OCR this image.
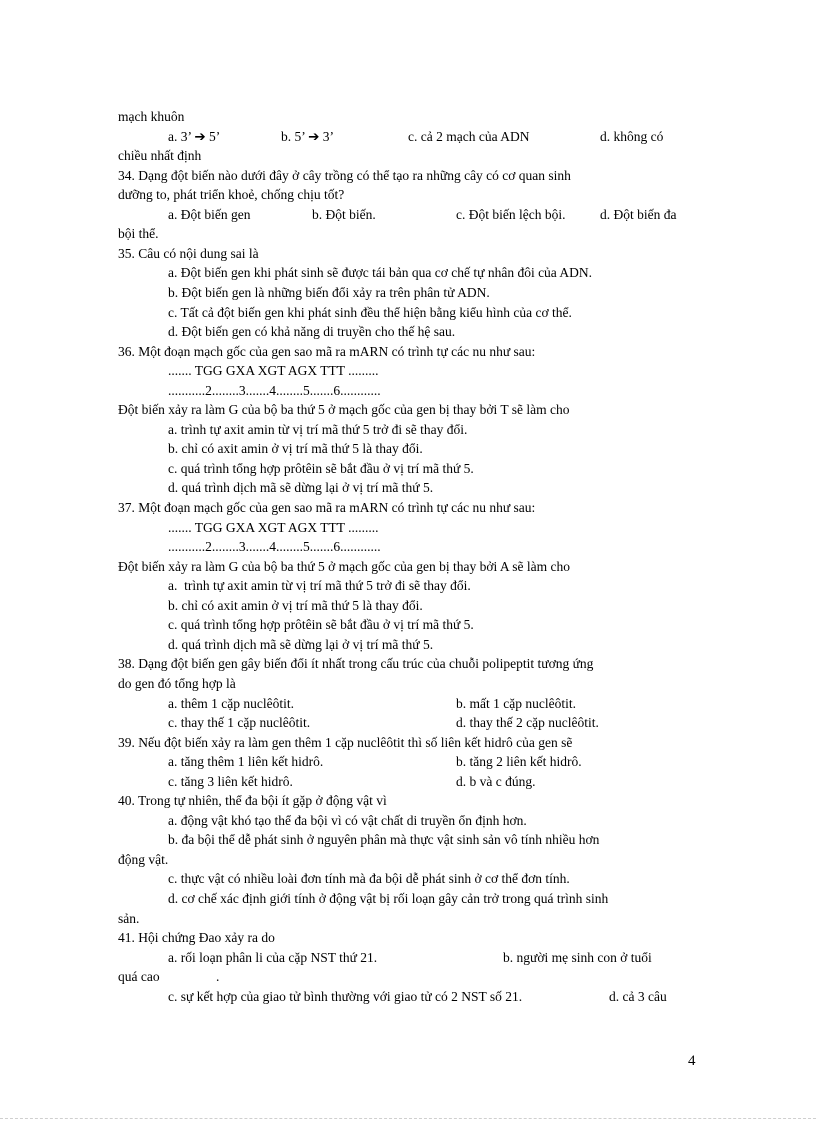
mạch khuôn
a. 3’ ➔ 5’	b. 5’ ➔ 3’	c. cả 2 mạch của ADN	d. không có
chiều nhất định
34. Dạng đột biến nào dưới đây ở cây trồng có thể tạo ra những cây có cơ quan sinh
dưỡng to, phát triển khoẻ, chống chịu tốt?
a. Đột biến gen	b. Đột biến.	c. Đột biến lệch bội.	d. Đột biến đa
bội thể.
35. Câu có nội dung sai là
a. Đột biến gen khi phát sinh sẽ được tái bản qua cơ chế tự nhân đôi của ADN.
b. Đột biến gen là những biến đổi xảy ra trên phân tử ADN.
c. Tất cả đột biến gen khi phát sinh đều thể hiện bằng kiểu hình của cơ thể.
d. Đột biến gen có khả năng di truyền cho thế hệ sau.
36. Một đoạn mạch gốc của gen sao mã ra mARN có trình tự các nu như sau:
....... TGG GXA XGT AGX TTT .........
...........2........3.......4........5.......6............
Đột biến xảy ra làm G của bộ ba thứ 5 ở mạch gốc của gen bị thay bởi T sẽ làm cho
a. trình tự axit amin từ vị trí mã thứ 5 trở đi sẽ thay đổi.
b. chỉ có axit amin ở vị trí mã thứ 5 là thay đổi.
c. quá trình tổng hợp prôtêin sẽ bắt đầu ở vị trí mã thứ 5.
d. quá trình dịch mã sẽ dừng lại ở vị trí mã thứ 5.
37. Một đoạn mạch gốc của gen sao mã ra mARN có trình tự các nu như sau:
....... TGG GXA XGT AGX TTT .........
...........2........3.......4........5.......6............
Đột biến xảy ra làm G của bộ ba thứ 5 ở mạch gốc của gen bị thay bởi A sẽ làm cho
a.  trình tự axit amin từ vị trí mã thứ 5 trở đi sẽ thay đổi.
b. chỉ có axit amin ở vị trí mã thứ 5 là thay đổi.
c. quá trình tổng hợp prôtêin sẽ bắt đầu ở vị trí mã thứ 5.
d. quá trình dịch mã sẽ dừng lại ở vị trí mã thứ 5.
38. Dạng đột biến gen gây biến đổi ít nhất trong cấu trúc của chuỗi polipeptit tương ứng
do gen đó tổng hợp là
a. thêm 1 cặp nuclêôtit.	b. mất 1 cặp nuclêôtit.
c. thay thế 1 cặp nuclêôtit.	d. thay thế 2 cặp nuclêôtit.
39. Nếu đột biến xảy ra làm gen thêm 1 cặp nuclêôtit thì số liên kết hidrô của gen sẽ
a. tăng thêm 1 liên kết hidrô.	b. tăng 2 liên kết hidrô.
c. tăng 3 liên kết hidrô.	d. b và c đúng.
40. Trong tự nhiên, thể đa bội ít gặp ở động vật vì
a. động vật khó tạo thể đa bội vì có vật chất di truyền ổn định hơn.
b. đa bội thể dễ phát sinh ở nguyên phân mà thực vật sinh sản vô tính nhiều hơn
động vật.
c. thực vật có nhiều loài đơn tính mà đa bội dễ phát sinh ở cơ thể đơn tính.
d. cơ chế xác định giới tính ở động vật bị rối loạn gây cản trở trong quá trình sinh
sản.
41. Hội chứng Đao xảy ra do
a. rối loạn phân li của cặp NST thứ 21.	b. người mẹ sinh con ở tuổi
quá cao	.
c. sự kết hợp của giao tử bình thường với giao tử có 2 NST số 21.	d. cả 3 câu
4
